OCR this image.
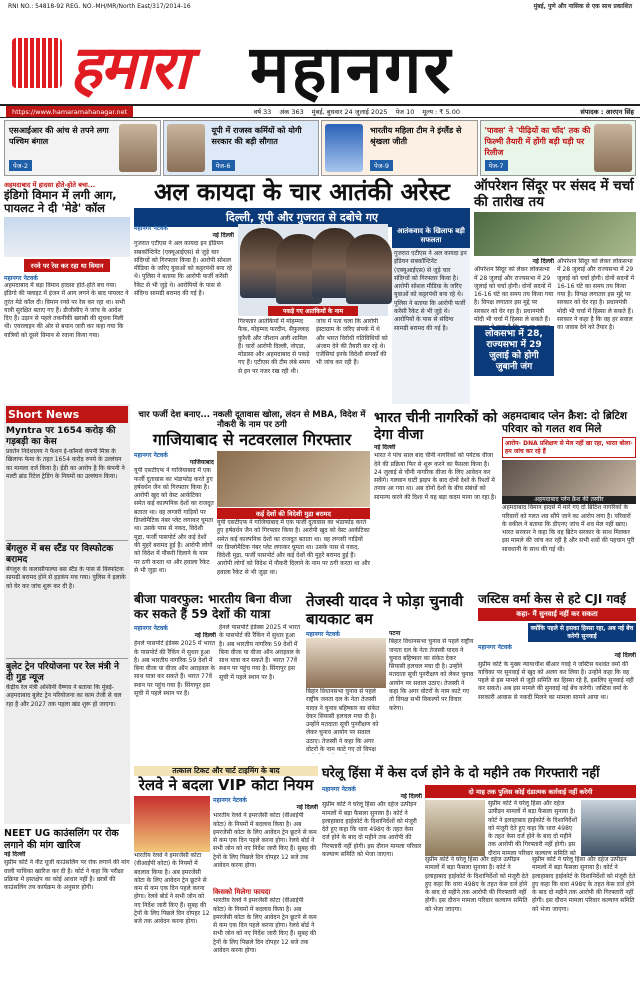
RNI NO.: 54818-92 REG. NO.-MH/MR/North East/317/2014-16	मुंबई, पुणे और नासिक से एक साथ प्रकाशित
हमारा महानगर
https://www.hamaramahanagar.net	वर्ष 33 अंक 363 मुंबई, बुधवार 24 जुलाई 2025 पेज 10 मूल्य : ₹ 5.00	संपादक : आरएन सिंह
एसआईआर की आंच से तपने लगा पश्चिम बंगाल
पेज-2
यूपी में राजस्व कर्मियों को योगी सरकार की बड़ी सौगात
पेज-6
भारतीय महिला टीम ने इंग्लैंड से श्रृंखला जीती
पेज-9
'पावस' ने 'पीढ़ियों का चाँद' तक की फिल्मी तैयारी में होंगी बड़ी घड़ी पर रिलीज
पेज-7
अहमदाबाद में हादसा होते-होते बचा...
इंडिगो विमान में लगी आग, पायलट ने दी 'मेडे' कॉल
रनवे पर रेस कर रहा था विमान
महानगर नेटवर्क
अहमदाबाद में बड़ा विमान हादसा होते-होते बच गया। इंडिगो की फ्लाइट में इंजन में आग लगने के बाद पायलट ने तुरंत मेडे कॉल दी। विमान रनवे पर रेस कर रहा था। सभी यात्री सुरक्षित बताए गए हैं। डीजीसीए ने जांच के आदेश दिए हैं। उड़ान से पहले तकनीकी खराबी की सूचना मिली थी। एयरलाइन की ओर से बयान जारी कर कहा गया कि यात्रियों को दूसरे विमान से रवाना किया गया।
अल कायदा के चार आतंकी अरेस्ट
दिल्ली, यूपी और गुजरात से दबोचे गए
महानगर नेटवर्क
नई दिल्ली
गुजरात एटीएस ने अल कायदा इन इंडियन सबकॉन्टिनेंट (एक्यूआईएस) से जुड़े चार संदिग्धों को गिरफ्तार किया है। आरोपी सोशल मीडिया के जरिए युवाओं को कट्टरपंथी बना रहे थे। पुलिस ने बताया कि आरोपी फर्जी करेंसी रैकेट से भी जुड़े थे। आरोपियों के पास से संदिग्ध सामग्री बरामद की गई है।
पकड़े गए आतंकियों के नाम
गिरफ्तार आतंकियों में मोहम्मद फैक, मोहम्मद फरदीन, सैफुल्लाह कुरैशी और जीशान अली शामिल हैं। चारों आरोपी दिल्ली, नोएडा, मोडासा और अहमदाबाद से पकड़े गए हैं। एटीएस की टीम लंबे समय से इन पर नजर रख रही थी।
जांच में पता चला कि आरोपी इंस्टाग्राम के जरिए संपर्क में थे और भारत विरोधी गतिविधियों को अंजाम देने की तैयारी कर रहे थे। एजेंसियां इनके विदेशी संपर्कों की भी जांच कर रही हैं।
आतंकवाद के खिलाफ बड़ी सफलता
गुजरात एटीएस ने अल कायदा इन इंडियन सबकॉन्टिनेंट (एक्यूआईएस) से जुड़े चार संदिग्धों को गिरफ्तार किया है। आरोपी सोशल मीडिया के जरिए युवाओं को कट्टरपंथी बना रहे थे। पुलिस ने बताया कि आरोपी फर्जी करेंसी रैकेट से भी जुड़े थे। आरोपियों के पास से संदिग्ध सामग्री बरामद की गई है।
ऑपरेशन सिंदूर पर संसद में चर्चा की तारीख तय
नई दिल्ली
ऑपरेशन सिंदूर को लेकर लोकसभा में 28 जुलाई और राज्यसभा में 29 जुलाई को चर्चा होगी। दोनों सदनों में 16-16 घंटे का समय तय किया गया है। विपक्ष लगातार इस मुद्दे पर सरकार को घेर रहा है। प्रधानमंत्री मोदी भी चर्चा में हिस्सा ले सकते हैं।
लोकसभा में 28, राज्यसभा में 29 जुलाई को होगी जुबानी जंग
ऑपरेशन सिंदूर को लेकर लोकसभा में 28 जुलाई और राज्यसभा में 29 जुलाई को चर्चा होगी। दोनों सदनों में 16-16 घंटे का समय तय किया गया है। विपक्ष लगातार इस मुद्दे पर सरकार को घेर रहा है। प्रधानमंत्री मोदी भी चर्चा में हिस्सा ले सकते हैं। सरकार ने कहा है कि वह हर सवाल का जवाब देने को तैयार है।
Short News
Myntra पर 1654 करोड़ की गड़बड़ी का केस
प्रवर्तन निदेशालय ने फैशन ई-कॉमर्स कंपनी मिंत्रा के खिलाफ फेमा के तहत 1654 करोड़ रुपये के उल्लंघन का मामला दर्ज किया है। ईडी का आरोप है कि कंपनी ने मल्टी ब्रांड रिटेल ट्रेडिंग के नियमों का उल्लंघन किया।
बेंगलुरु में बस स्टैंड पर विस्फोटक बरामद
बेंगलुरु के कलासीपाल्या बस स्टैंड के पास से विस्फोटक सामग्री बरामद होने से हड़कंप मच गया। पुलिस ने इलाके को घेर कर जांच शुरू कर दी है।
बुलेट ट्रेन परियोजना पर रेल मंत्री ने दी गुड न्यूज
केंद्रीय रेल मंत्री अश्विनी वैष्णव ने बताया कि मुंबई-अहमदाबाद बुलेट ट्रेन परियोजना का काम तेजी से चल रहा है और 2027 तक पहला खंड शुरू हो जाएगा।
चार फर्जी देश बनाए... नकली दूतावास खोला, लंदन से MBA, विदेश में नौकरी के नाम पर ठगी
गाजियाबाद से नटवरलाल गिरफ्तार
महानगर नेटवर्क
गाजियाबाद
यूपी एसटीएफ ने गाजियाबाद में एक फर्जी दूतावास का भंडाफोड़ करते हुए हर्षवर्धन जैन को गिरफ्तार किया है। आरोपी खुद को वेस्ट आर्कटिका समेत कई काल्पनिक देशों का राजदूत बताता था। वह लग्जरी गाड़ियों पर डिप्लोमैटिक नंबर प्लेट लगाकर घूमता था। उसके पास से नकद, विदेशी मुद्रा, फर्जी पासपोर्ट और कई देशों की मुहरें बरामद हुई हैं। आरोपी लोगों को विदेश में नौकरी दिलाने के नाम पर ठगी करता था और हवाला रैकेट से भी जुड़ा था।
कई देशों की विदेशी मुद्रा बरामद
यूपी एसटीएफ ने गाजियाबाद में एक फर्जी दूतावास का भंडाफोड़ करते हुए हर्षवर्धन जैन को गिरफ्तार किया है। आरोपी खुद को वेस्ट आर्कटिका समेत कई काल्पनिक देशों का राजदूत बताता था। वह लग्जरी गाड़ियों पर डिप्लोमैटिक नंबर प्लेट लगाकर घूमता था। उसके पास से नकद, विदेशी मुद्रा, फर्जी पासपोर्ट और कई देशों की मुहरें बरामद हुई हैं। आरोपी लोगों को विदेश में नौकरी दिलाने के नाम पर ठगी करता था और हवाला रैकेट से भी जुड़ा था।
भारत चीनी नागरिकों को देगा वीजा
नई दिल्ली
भारत ने पांच साल बाद चीनी नागरिकों को पर्यटक वीजा देने की प्रक्रिया फिर से शुरू करने का फैसला किया है। 24 जुलाई से चीनी नागरिक वीजा के लिए आवेदन कर सकेंगे। गलवान घाटी झड़प के बाद दोनों देशों के रिश्तों में तनाव आ गया था। अब दोनों देशों के बीच संबंधों को सामान्य करने की दिशा में यह बड़ा कदम माना जा रहा है।
अहमदाबाद प्लेन क्रैश: दो ब्रिटिश परिवार को गलत शव मिले
आरोप- DNA प्रशिक्षण से मेल नहीं खा रहा, भारत बोला- हम जांच कर रहे हैं
अहमदाबाद प्लेन क्रैश की तस्वीर
अहमदाबाद विमान हादसे में मारे गए दो ब्रिटिश नागरिकों के परिवारों को गलत शव सौंपे जाने का आरोप लगा है। परिवारों के वकील ने बताया कि डीएनए जांच में शव मेल नहीं खाए। भारत सरकार ने कहा कि वह ब्रिटेन सरकार के साथ मिलकर इस मामले की जांच कर रही है और सभी शवों की पहचान पूरी सावधानी के साथ की गई थी।
बीजा पावरफुल: भारतीय बिना वीजा कर सकते हैं 59 देशों की यात्रा
महानगर नेटवर्क
नई दिल्ली
हेनले पासपोर्ट इंडेक्स 2025 में भारत के पासपोर्ट की रैंकिंग में सुधार हुआ है। अब भारतीय नागरिक 59 देशों में बिना वीजा या वीजा ऑन अराइवल के साथ यात्रा कर सकते हैं। भारत 77वें स्थान पर पहुंच गया है। सिंगापुर इस सूची में पहले स्थान पर है।
हेनले पासपोर्ट इंडेक्स 2025 में भारत के पासपोर्ट की रैंकिंग में सुधार हुआ है। अब भारतीय नागरिक 59 देशों में बिना वीजा या वीजा ऑन अराइवल के साथ यात्रा कर सकते हैं। भारत 77वें स्थान पर पहुंच गया है। सिंगापुर इस सूची में पहले स्थान पर है।
तेजस्वी यादव ने फोड़ा चुनावी बायकाट बम
महानगर नेटवर्क
बिहार विधानसभा चुनाव से पहले राष्ट्रीय जनता दल के नेता तेजस्वी यादव ने चुनाव बहिष्कार का संकेत देकर सियासी हलचल मचा दी है। उन्होंने मतदाता सूची पुनरीक्षण को लेकर चुनाव आयोग पर सवाल उठाए। तेजस्वी ने कहा कि अगर वोटरों के नाम काटे गए तो विपक्ष
पटना
बिहार विधानसभा चुनाव से पहले राष्ट्रीय जनता दल के नेता तेजस्वी यादव ने चुनाव बहिष्कार का संकेत देकर सियासी हलचल मचा दी है। उन्होंने मतदाता सूची पुनरीक्षण को लेकर चुनाव आयोग पर सवाल उठाए। तेजस्वी ने कहा कि अगर वोटरों के नाम काटे गए तो विपक्ष सभी विकल्पों पर विचार करेगा।
जस्टिस वर्मा केस से हटे CJI गवई
कहा- मैं सुनवाई नहीं कर सकता
क्योंकि पहले से इसका हिस्सा रहा, अब नई बेंच करेगी सुनवाई
महानगर नेटवर्क
नई दिल्ली
सुप्रीम कोर्ट के मुख्य न्यायाधीश बीआर गवई ने जस्टिस यशवंत वर्मा की याचिका पर सुनवाई से खुद को अलग कर लिया है। उन्होंने कहा कि वह पहले से इस मामले से जुड़ी समिति का हिस्सा रहे हैं, इसलिए सुनवाई नहीं कर सकते। अब इस मामले की सुनवाई नई बेंच करेगी। जस्टिस वर्मा के सरकारी आवास से नकदी मिलने का मामला सामने आया था।
NEET UG काउंसलिंग पर रोक लगाने की मांग खारिज
नई दिल्ली
सुप्रीम कोर्ट ने नीट यूजी काउंसलिंग पर रोक लगाने की मांग वाली याचिका खारिज कर दी है। कोर्ट ने कहा कि परीक्षा प्रक्रिया में हस्तक्षेप का कोई आधार नहीं है। छात्रों की काउंसलिंग तय कार्यक्रम के अनुसार होगी।
तत्काल टिकट और चार्ट टाइमिंग के बाद
रेलवे ने बदला VIP कोटा नियम
भारतीय रेलवे ने इमरजेंसी कोटा (वीआईपी कोटा) के नियमों में बदलाव किया है। अब इमरजेंसी कोटा के लिए आवेदन ट्रेन छूटने से कम से कम एक दिन पहले करना होगा। रेलवे बोर्ड ने सभी जोन को नए निर्देश जारी किए हैं। सुबह की ट्रेनों के लिए पिछले दिन दोपहर 12 बजे तक आवेदन करना होगा।
महानगर नेटवर्क
नई दिल्ली
भारतीय रेलवे ने इमरजेंसी कोटा (वीआईपी कोटा) के नियमों में बदलाव किया है। अब इमरजेंसी कोटा के लिए आवेदन ट्रेन छूटने से कम से कम एक दिन पहले करना होगा। रेलवे बोर्ड ने सभी जोन को नए निर्देश जारी किए हैं। सुबह की ट्रेनों के लिए पिछले दिन दोपहर 12 बजे तक आवेदन करना होगा।
किसको मिलेगा फायदा
भारतीय रेलवे ने इमरजेंसी कोटा (वीआईपी कोटा) के नियमों में बदलाव किया है। अब इमरजेंसी कोटा के लिए आवेदन ट्रेन छूटने से कम से कम एक दिन पहले करना होगा। रेलवे बोर्ड ने सभी जोन को नए निर्देश जारी किए हैं। सुबह की ट्रेनों के लिए पिछले दिन दोपहर 12 बजे तक आवेदन करना होगा।
घरेलू हिंसा में केस दर्ज होने के दो महीने तक गिरफ्तारी नहीं
महानगर नेटवर्क
नई दिल्ली
सुप्रीम कोर्ट ने घरेलू हिंसा और दहेज उत्पीड़न मामलों में बड़ा फैसला सुनाया है। कोर्ट ने इलाहाबाद हाईकोर्ट के दिशानिर्देशों को मंजूरी देते हुए कहा कि धारा 498ए के तहत केस दर्ज होने के बाद दो महीने तक आरोपी की गिरफ्तारी नहीं होगी। इस दौरान मामला परिवार कल्याण समिति को भेजा जाएगा।
दो माह तक पुलिस कोई दंडात्मक कार्रवाई नहीं करेगी
सुप्रीम कोर्ट ने घरेलू हिंसा और दहेज उत्पीड़न मामलों में बड़ा फैसला सुनाया है। कोर्ट ने इलाहाबाद हाईकोर्ट के दिशानिर्देशों को मंजूरी देते हुए कहा कि धारा 498ए के तहत केस दर्ज होने के बाद दो महीने तक आरोपी की गिरफ्तारी नहीं होगी। इस दौरान मामला परिवार कल्याण समिति को
सुप्रीम कोर्ट ने घरेलू हिंसा और दहेज उत्पीड़न मामलों में बड़ा फैसला सुनाया है। कोर्ट ने इलाहाबाद हाईकोर्ट के दिशानिर्देशों को मंजूरी देते हुए कहा कि धारा 498ए के तहत केस दर्ज होने के बाद दो महीने तक आरोपी की गिरफ्तारी नहीं होगी। इस दौरान मामला परिवार कल्याण समिति को भेजा जाएगा।
सुप्रीम कोर्ट ने घरेलू हिंसा और दहेज उत्पीड़न मामलों में बड़ा फैसला सुनाया है। कोर्ट ने इलाहाबाद हाईकोर्ट के दिशानिर्देशों को मंजूरी देते हुए कहा कि धारा 498ए के तहत केस दर्ज होने के बाद दो महीने तक आरोपी की गिरफ्तारी नहीं होगी। इस दौरान मामला परिवार कल्याण समिति को भेजा जाएगा।
